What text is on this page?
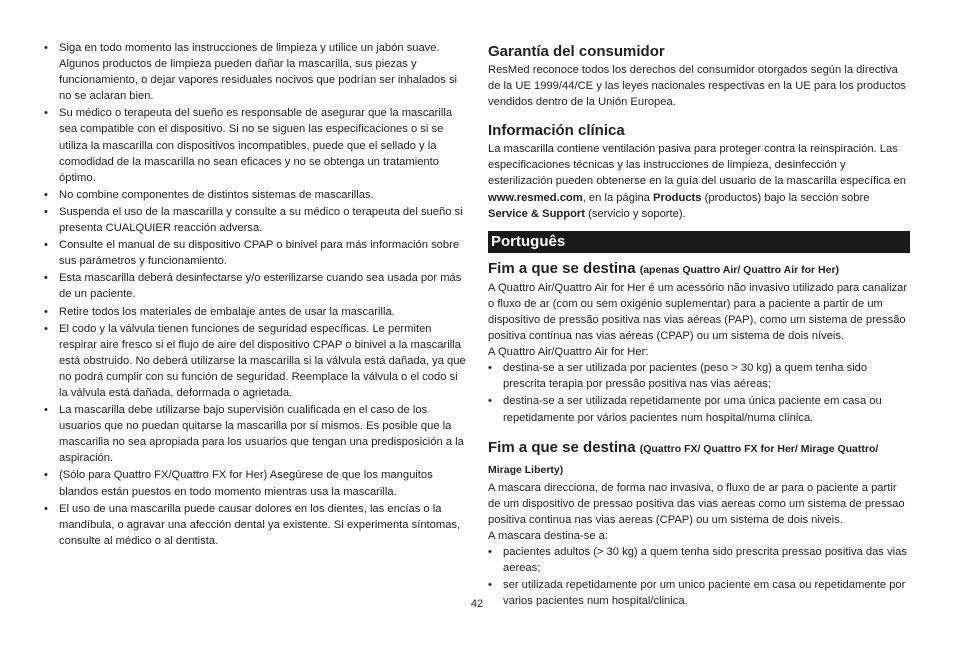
• Siga en todo momento las instrucciones de limpieza y utilice un jabón suave. Algunos productos de limpieza pueden dañar la mascarilla, sus piezas y funcionamiento, o dejar vapores residuales nocivos que podrían ser inhalados si no se aclaran bien.
• Su médico o terapeuta del sueño es responsable de asegurar que la mascarilla sea compatible con el dispositivo. Si no se siguen las especificaciones o si se utiliza la mascarilla con dispositivos incompatibles, puede que el sellado y la comodidad de la mascarilla no sean eficaces y no se obtenga un tratamiento óptimo.
• No combine componentes de distintos sistemas de mascarillas.
• Suspenda el uso de la mascarilla y consulte a su médico o terapeuta del sueño si presenta CUALQUIER reacción adversa.
• Consulte el manual de su dispositivo CPAP o binivel para más información sobre sus parámetros y funcionamiento.
• Esta mascarilla deberá desinfectarse y/o esterilizarse cuando sea usada por más de un paciente.
• Retire todos los materiales de embalaje antes de usar la mascarilla.
• El codo y la válvula tienen funciones de seguridad específicas. Le permiten respirar aire fresco si el flujo de aire del dispositivo CPAP o binivel a la mascarilla está obstruido. No deberá utilizarse la mascarilla si la válvula está dañada, ya que no podrá cumplir con su función de seguridad. Reemplace la válvula o el codo si la válvula está dañada, deformada o agrietada.
• La mascarilla debe utilizarse bajo supervisión cualificada en el caso de los usuarios que no puedan quitarse la mascarilla por sí mismos. Es posible que la mascarilla no sea apropiada para los usuarios que tengan una predisposición a la aspiración.
• (Sólo para Quattro FX/Quattro FX for Her) Asegúrese de que los manguitos blandos están puestos en todo momento mientras usa la mascarilla.
• El uso de una mascarilla puede causar dolores en los dientes, las encías o la mandíbula, o agravar una afección dental ya existente. Si experimenta síntomas, consulte al médico o al dentista.
Garantía del consumidor

ResMed reconoce todos los derechos del consumidor otorgados según la directiva de la UE 1999/44/CE y las leyes nacionales respectivas en la UE para los productos vendidos dentro de la Unión Europea.

Información clínica

La mascarilla contiene ventilación pasiva para proteger contra la reinspiración. Las especificaciones técnicas y las instrucciones de limpieza, desinfección y esterilización pueden obtenerse en la guía del usuario de la mascarilla específica en www.resmed.com, en la página Products (productos) bajo la sección sobre Service & Support (servicio y soporte).

Português
Fim a que se destina (apenas Quattro Air/ Quattro Air for Her)

A Quattro Air/Quattro Air for Her é um acessório não invasivo utilizado para canalizar o fluxo de ar (com ou sem oxigénio suplementar) para a paciente a partir de um dispositivo de pressão positiva nas vias aéreas (PAP), como um sistema de pressão positiva contínua nas vias aéreas (CPAP) ou um sistema de dois níveis.

A Quattro Air/Quattro Air for Her:

• destina-se a ser utilizada por pacientes (peso > 30 kg) a quem tenha sido prescrita terapia por pressão positiva nas vias aéreas;
• destina-se a ser utilizada repetidamente por uma única paciente em casa ou repetidamente por vários pacientes num hospital/numa clínica.
Fim a que se destina (Quattro FX/ Quattro FX for Her/ Mirage Quattro/ Mirage Liberty)

A mascara direcciona, de forma nao invasiva, o fluxo de ar para o paciente a partir de um dispositivo de pressao positiva das vias aereas como um sistema de pressao positiva continua nas vias aereas (CPAP) ou um sistema de dois niveis.

A mascara destina-se a:

• pacientes adultos (> 30 kg) a quem tenha sido prescrita pressao positiva das vias aereas;
• ser utilizada repetidamente por um unico paciente em casa ou repetidamente por varios pacientes num hospital/clinica.
42
